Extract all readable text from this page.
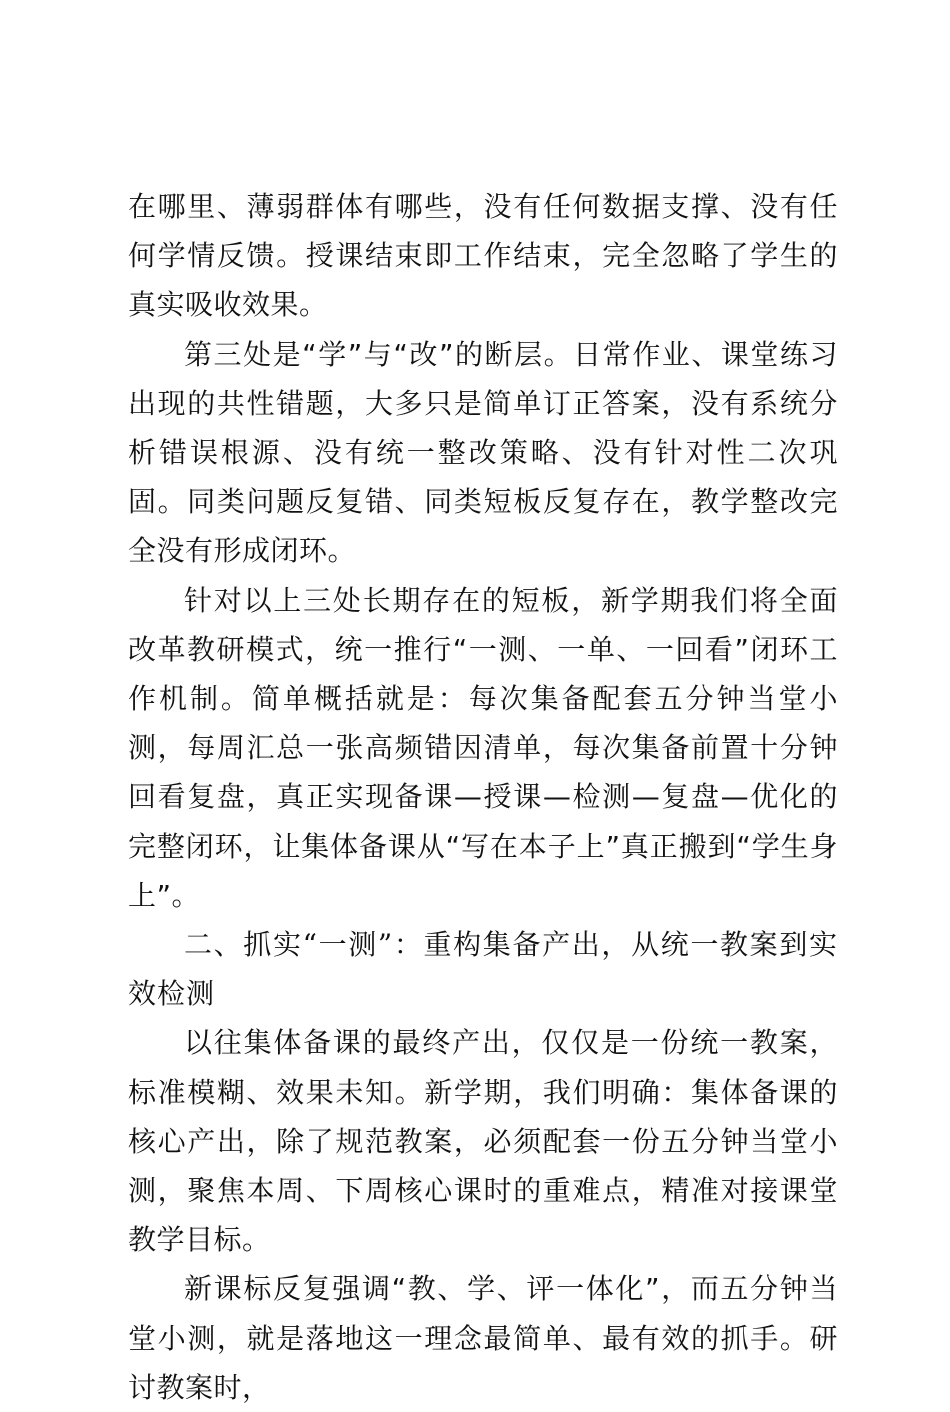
在哪里、薄弱群体有哪些，没有任何数据支撑、没有任何学情反馈。授课结束即工作结束，完全忽略了学生的真实吸收效果。

第三处是“学”与“改”的断层。日常作业、课堂练习出现的共性错题，大多只是简单订正答案，没有系统分析错误根源、没有统一整改策略、没有针对性二次巩固。同类问题反复错、同类短板反复存在，教学整改完全没有形成闭环。

针对以上三处长期存在的短板，新学期我们将全面改革教研模式，统一推行“一测、一单、一回看”闭环工作机制。简单概括就是：每次集备配套五分钟当堂小测，每周汇总一张高频错因清单，每次集备前置十分钟回看复盘，真正实现备课—授课—检测—复盘—优化的完整闭环，让集体备课从“写在本子上”真正搬到“学生身上”。

二、抓实“一测”：重构集备产出，从统一教案到实效检测

以往集体备课的最终产出，仅仅是一份统一教案，标准模糊、效果未知。新学期，我们明确：集体备课的核心产出，除了规范教案，必须配套一份五分钟当堂小测，聚焦本周、下周核心课时的重难点，精准对接课堂教学目标。

新课标反复强调“教、学、评一体化”，而五分钟当堂小测，就是落地这一理念最简单、最有效的抓手。研讨教案时，
